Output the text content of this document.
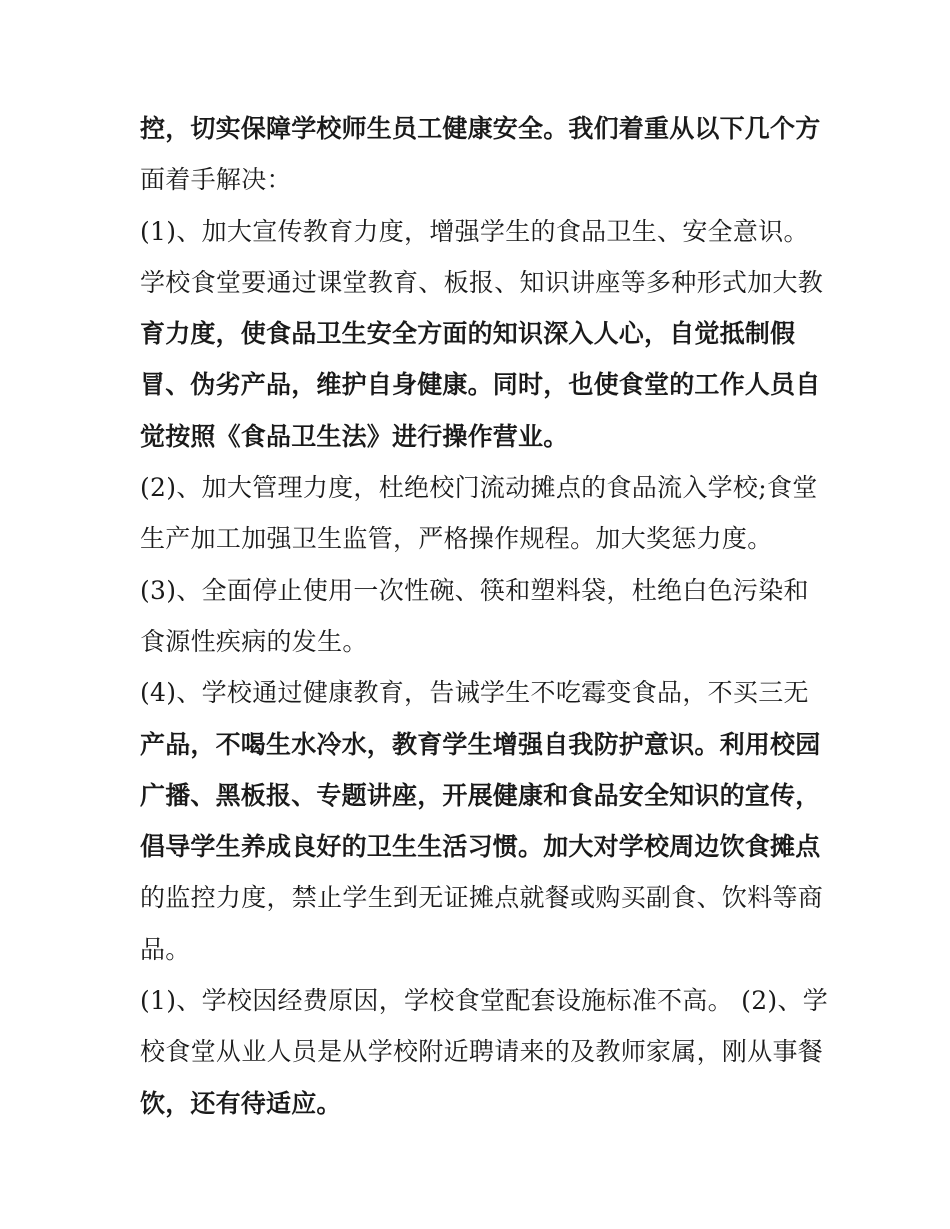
控，切实保障学校师生员工健康安全。我们着重从以下几个方
面着手解决：
(1)、加大宣传教育力度，增强学生的食品卫生、安全意识。
学校食堂要通过课堂教育、板报、知识讲座等多种形式加大教
育力度，使食品卫生安全方面的知识深入人心，自觉抵制假
冒、伪劣产品，维护自身健康。同时，也使食堂的工作人员自
觉按照《食品卫生法》进行操作营业。
(2)、加大管理力度，杜绝校门流动摊点的食品流入学校;食堂
生产加工加强卫生监管，严格操作规程。加大奖惩力度。
(3)、全面停止使用一次性碗、筷和塑料袋，杜绝白色污染和
食源性疾病的发生。
(4)、学校通过健康教育，告诫学生不吃霉变食品，不买三无
产品，不喝生水冷水，教育学生增强自我防护意识。利用校园
广播、黑板报、专题讲座，开展健康和食品安全知识的宣传，
倡导学生养成良好的卫生生活习惯。加大对学校周边饮食摊点
的监控力度，禁止学生到无证摊点就餐或购买副食、饮料等商
品。
(1)、学校因经费原因，学校食堂配套设施标准不高。 (2)、学
校食堂从业人员是从学校附近聘请来的及教师家属，刚从事餐
饮，还有待适应。
